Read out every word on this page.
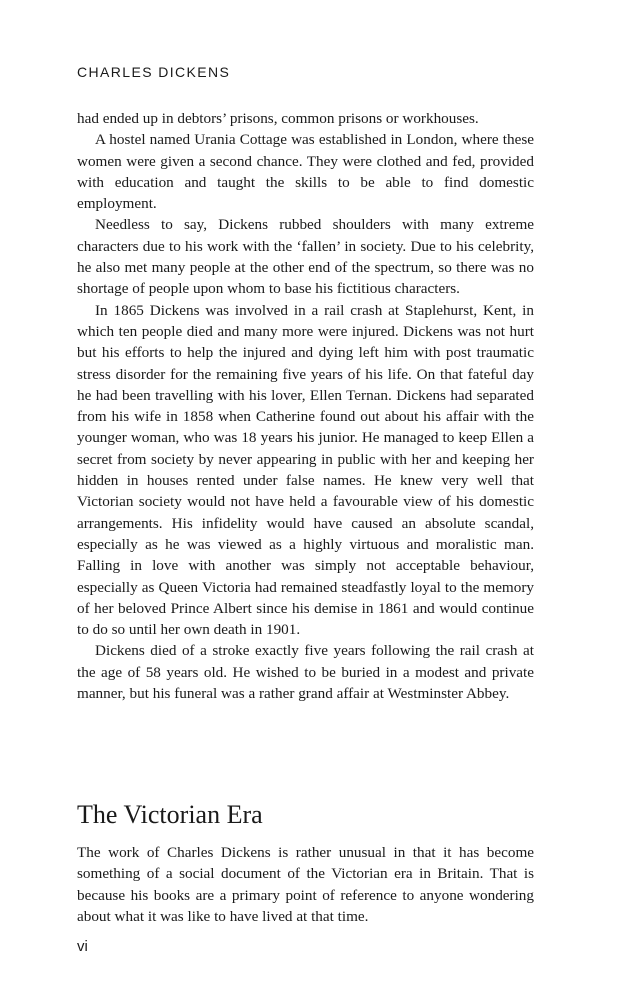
CHARLES DICKENS

had ended up in debtors’ prisons, common prisons or workhouses.

A hostel named Urania Cottage was established in London, where these women were given a second chance. They were clothed and fed, provided with education and taught the skills to be able to find domestic employment.

Needless to say, Dickens rubbed shoulders with many extreme characters due to his work with the ‘fallen’ in society. Due to his celebrity, he also met many people at the other end of the spectrum, so there was no shortage of people upon whom to base his fictitious characters.

In 1865 Dickens was involved in a rail crash at Staplehurst, Kent, in which ten people died and many more were injured. Dickens was not hurt but his efforts to help the injured and dying left him with post traumatic stress disorder for the remaining five years of his life. On that fateful day he had been travelling with his lover, Ellen Ternan. Dickens had separated from his wife in 1858 when Catherine found out about his affair with the younger woman, who was 18 years his junior. He managed to keep Ellen a secret from society by never appearing in public with her and keeping her hidden in houses rented under false names. He knew very well that Victorian society would not have held a favourable view of his domestic arrangements. His infidelity would have caused an absolute scandal, especially as he was viewed as a highly virtuous and moralistic man. Falling in love with another was simply not acceptable behaviour, especially as Queen Victoria had remained steadfastly loyal to the memory of her beloved Prince Albert since his demise in 1861 and would continue to do so until her own death in 1901.

Dickens died of a stroke exactly five years following the rail crash at the age of 58 years old. He wished to be buried in a modest and private manner, but his funeral was a rather grand affair at Westminster Abbey.

The Victorian Era

The work of Charles Dickens is rather unusual in that it has become something of a social document of the Victorian era in Britain. That is because his books are a primary point of reference to anyone wondering about what it was like to have lived at that time.

vi
